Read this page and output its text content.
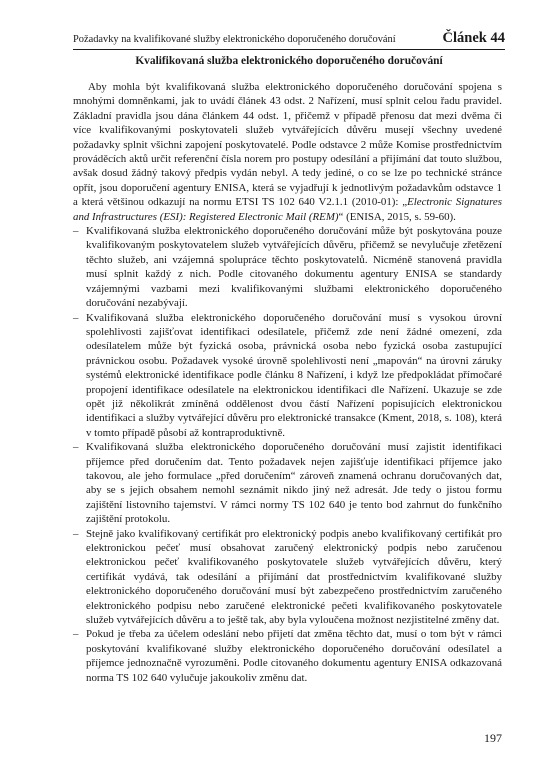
Požadavky na kvalifikované služby elektronického doporučeného doručování	Článek 44
Kvalifikovaná služba elektronického doporučeného doručování

Aby mohla být kvalifikovaná služba elektronického doporučeného doručování spojena s mnohými domněnkami, jak to uvádí článek 43 odst. 2 Nařízení, musí splnit celou řadu pravidel. Základní pravidla jsou dána článkem 44 odst. 1, přičemž v případě přenosu dat mezi dvěma či více kvalifikovanými poskytovateli služeb vytvářejících důvěru musejí všechny uvedené požadavky splnit všichni zapojení poskytovatelé. Podle odstavce 2 může Komise prostřednictvím prováděcích aktů určit referenční čísla norem pro postupy odesílání a přijímání dat touto službou, avšak dosud žádný takový předpis vydán nebyl. A tedy jediné, o co se lze po technické stránce opřít, jsou doporučení agentury ENISA, která se vyjadřují k jednotlivým požadavkům odstavce 1 a která většinou odkazují na normu ETSI TS 102 640 V2.1.1 (2010-01): „Electronic Signatures and Infrastructures (ESI): Registered Electronic Mail (REM)“ (ENISA, 2015, s. 59-60).

– Kvalifikovaná služba elektronického doporučeného doručování může být poskytována pouze kvalifikovaným poskytovatelem služeb vytvářejících důvěru, přičemž se nevylučuje zřetězení těchto služeb, ani vzájemná spolupráce těchto poskytovatelů. Nicméně stanovená pravidla musí splnit každý z nich. Podle citovaného dokumentu agentury ENISA se standardy vzájemnými vazbami mezi kvalifikovanými službami elektronického doporučeného doručování nezabývají.
– Kvalifikovaná služba elektronického doporučeného doručování musí s vysokou úrovní spolehlivosti zajišťovat identifikaci odesílatele, přičemž zde není žádné omezení, zda odesílatelem může být fyzická osoba, právnická osoba nebo fyzická osoba zastupující právnickou osobu. Požadavek vysoké úrovně spolehlivosti není „mapován“ na úrovni záruky systémů elektronické identifikace podle článku 8 Nařízení, i když lze předpokládat přímočaré propojení identifikace odesílatele na elektronickou identifikaci dle Nařízení. Ukazuje se zde opět již několikrát zmíněná oddělenost dvou částí Nařízení popisujících elektronickou identifikaci a služby vytvářející důvěru pro elektronické transakce (Kment, 2018, s. 108), která v tomto případě působí až kontraproduktivně.
– Kvalifikovaná služba elektronického doporučeného doručování musí zajistit identifikaci příjemce před doručením dat. Tento požadavek nejen zajišťuje identifikaci příjemce jako takovou, ale jeho formulace „před doručením“ zároveň znamená ochranu doručovaných dat, aby se s jejich obsahem nemohl seznámit nikdo jiný než adresát. Jde tedy o jistou formu zajištění listovního tajemství. V rámci normy TS 102 640 je tento bod zahrnut do funkčního zajištění protokolu.
– Stejně jako kvalifikovaný certifikát pro elektronický podpis anebo kvalifikovaný certifikát pro elektronickou pečeť musí obsahovat zaručený elektronický podpis nebo zaručenou elektronickou pečeť kvalifikovaného poskytovatele služeb vytvářejících důvěru, který certifikát vydává, tak odesílání a přijímání dat prostřednictvím kvalifikované služby elektronického doporučeného doručování musí být zabezpečeno prostřednictvím zaručeného elektronického podpisu nebo zaručené elektronické pečeti kvalifikovaného poskytovatele služeb vytvářejících důvěru a to ještě tak, aby byla vyloučena možnost nezjistitelné změny dat.
– Pokud je třeba za účelem odeslání nebo přijetí dat změna těchto dat, musí o tom být v rámci poskytování kvalifikované služby elektronického doporučeného doručování odesílatel a příjemce jednoznačně vyrozuměni. Podle citovaného dokumentu agentury ENISA odkazovaná norma TS 102 640 vylučuje jakoukoliv změnu dat.
197
